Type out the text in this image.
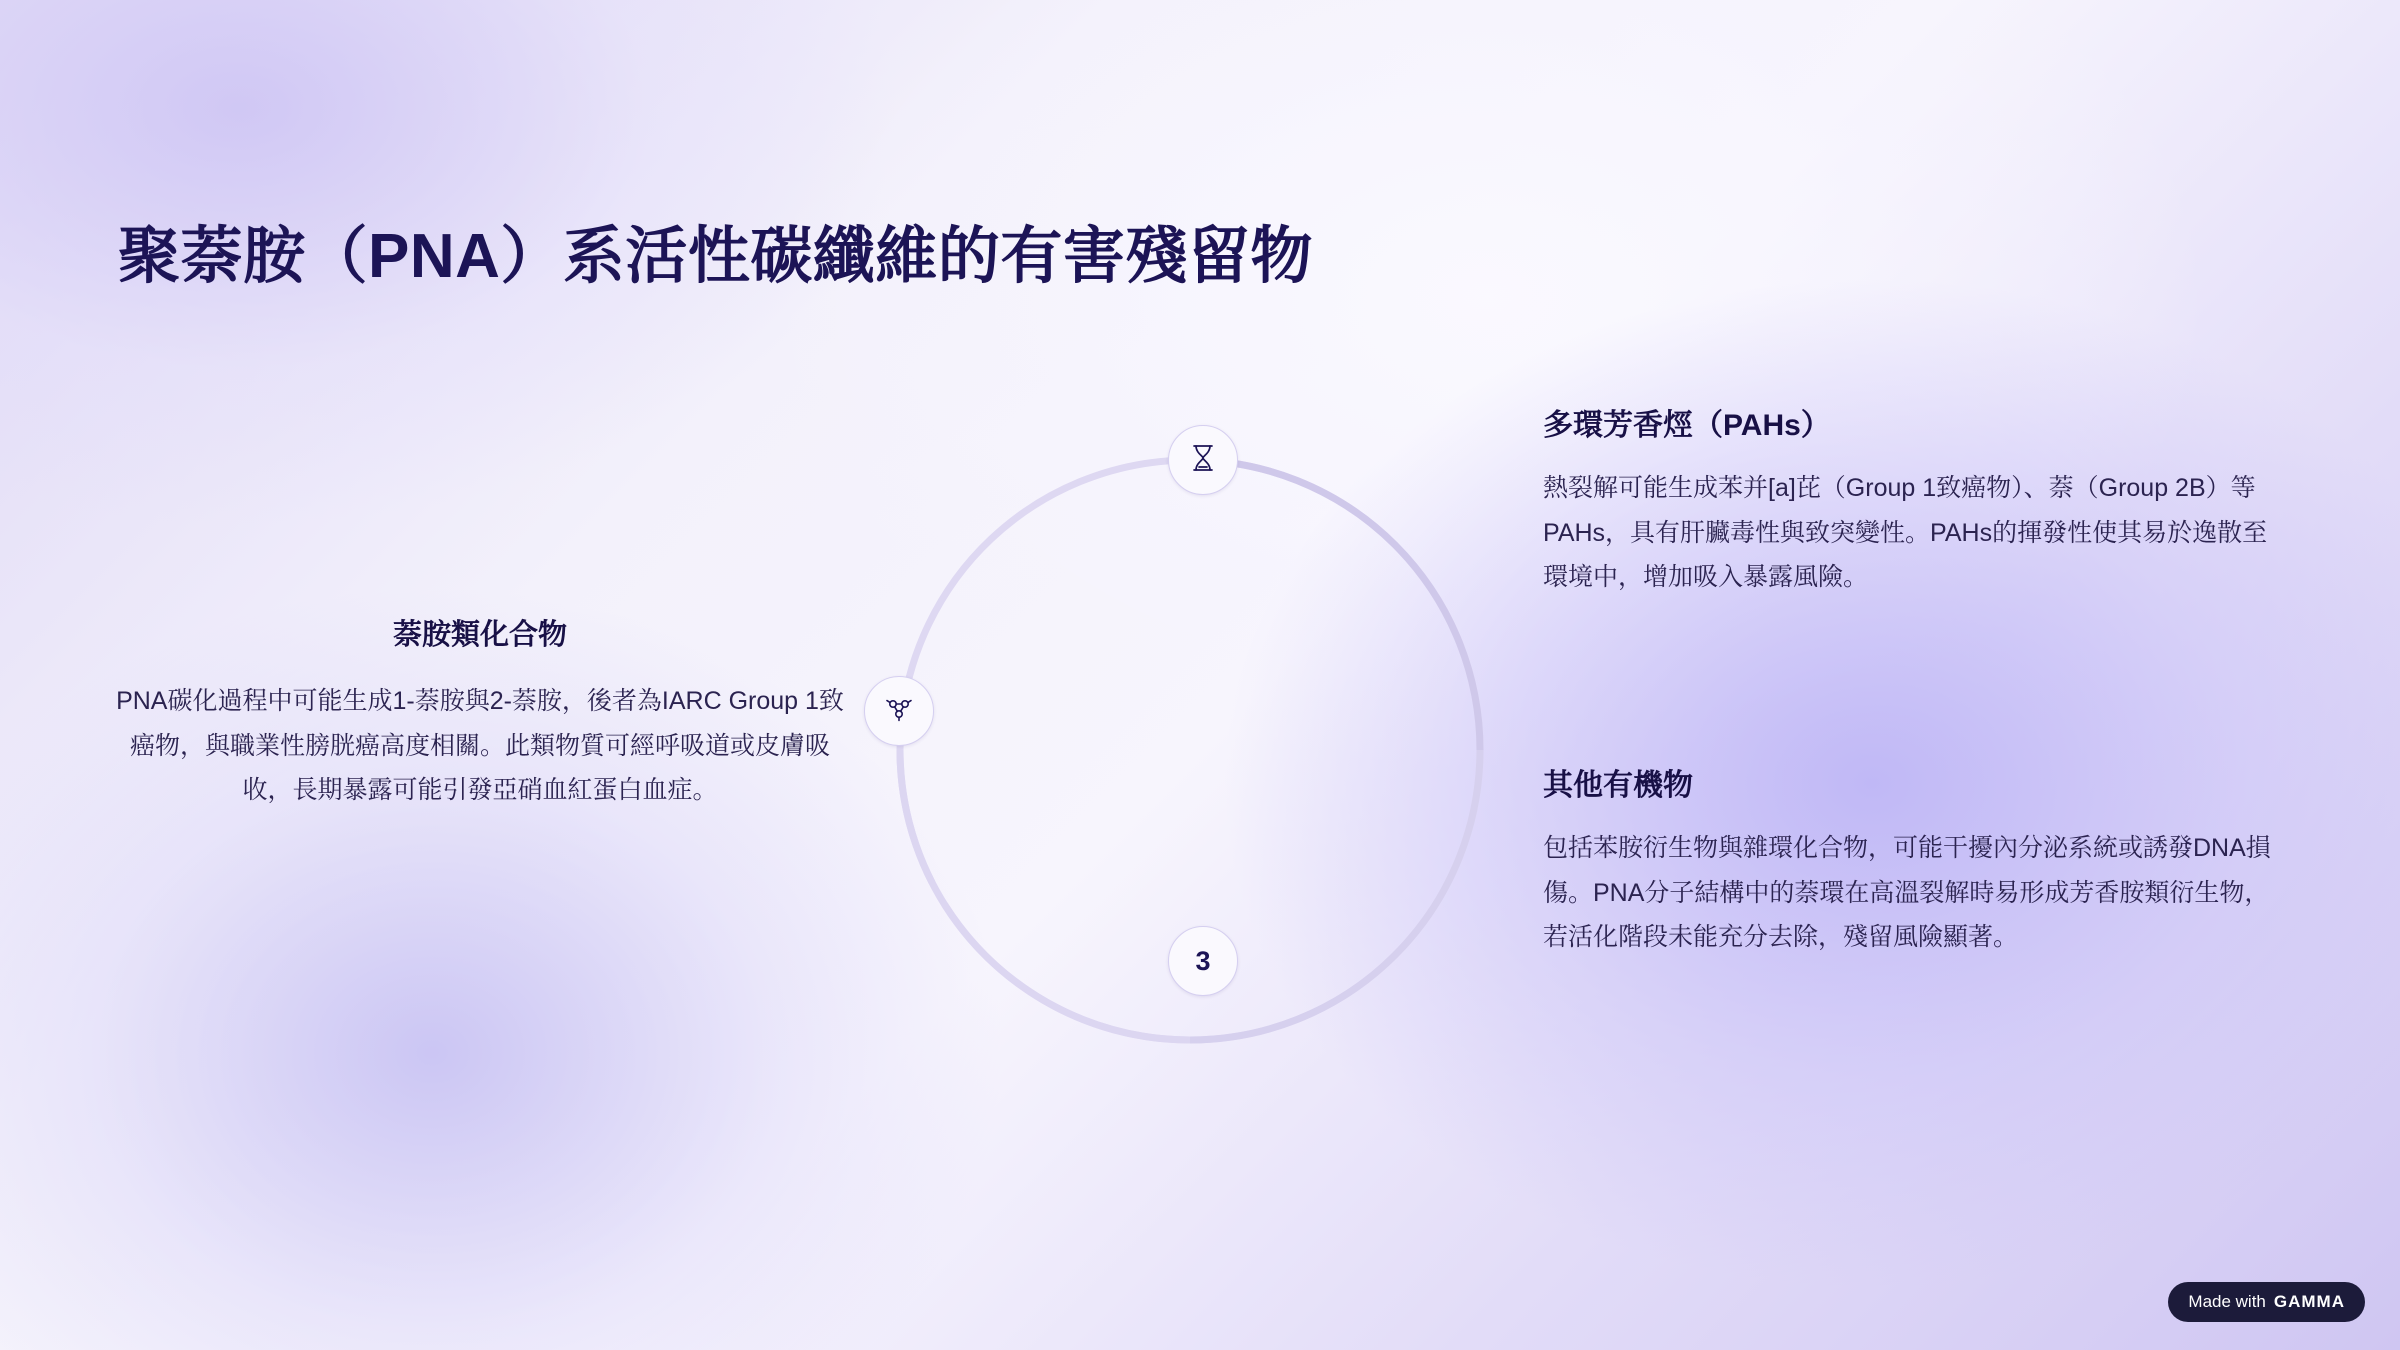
聚萘胺（PNA）系活性碳纖維的有害殘留物
3
萘胺類化合物
PNA碳化過程中可能生成1-萘胺與2-萘胺，後者為IARC Group 1致癌物，與職業性膀胱癌高度相關。此類物質可經呼吸道或皮膚吸收，長期暴露可能引發亞硝血紅蛋白血症。
多環芳香烴（PAHs）
熱裂解可能生成苯并[a]芘（Group 1致癌物）、萘（Group 2B）等PAHs，具有肝臟毒性與致突變性。PAHs的揮發性使其易於逸散至環境中，增加吸入暴露風險。
其他有機物
包括苯胺衍生物與雜環化合物，可能干擾內分泌系統或誘發DNA損傷。PNA分子結構中的萘環在高溫裂解時易形成芳香胺類衍生物，若活化階段未能充分去除，殘留風險顯著。
Made with GAMMA
